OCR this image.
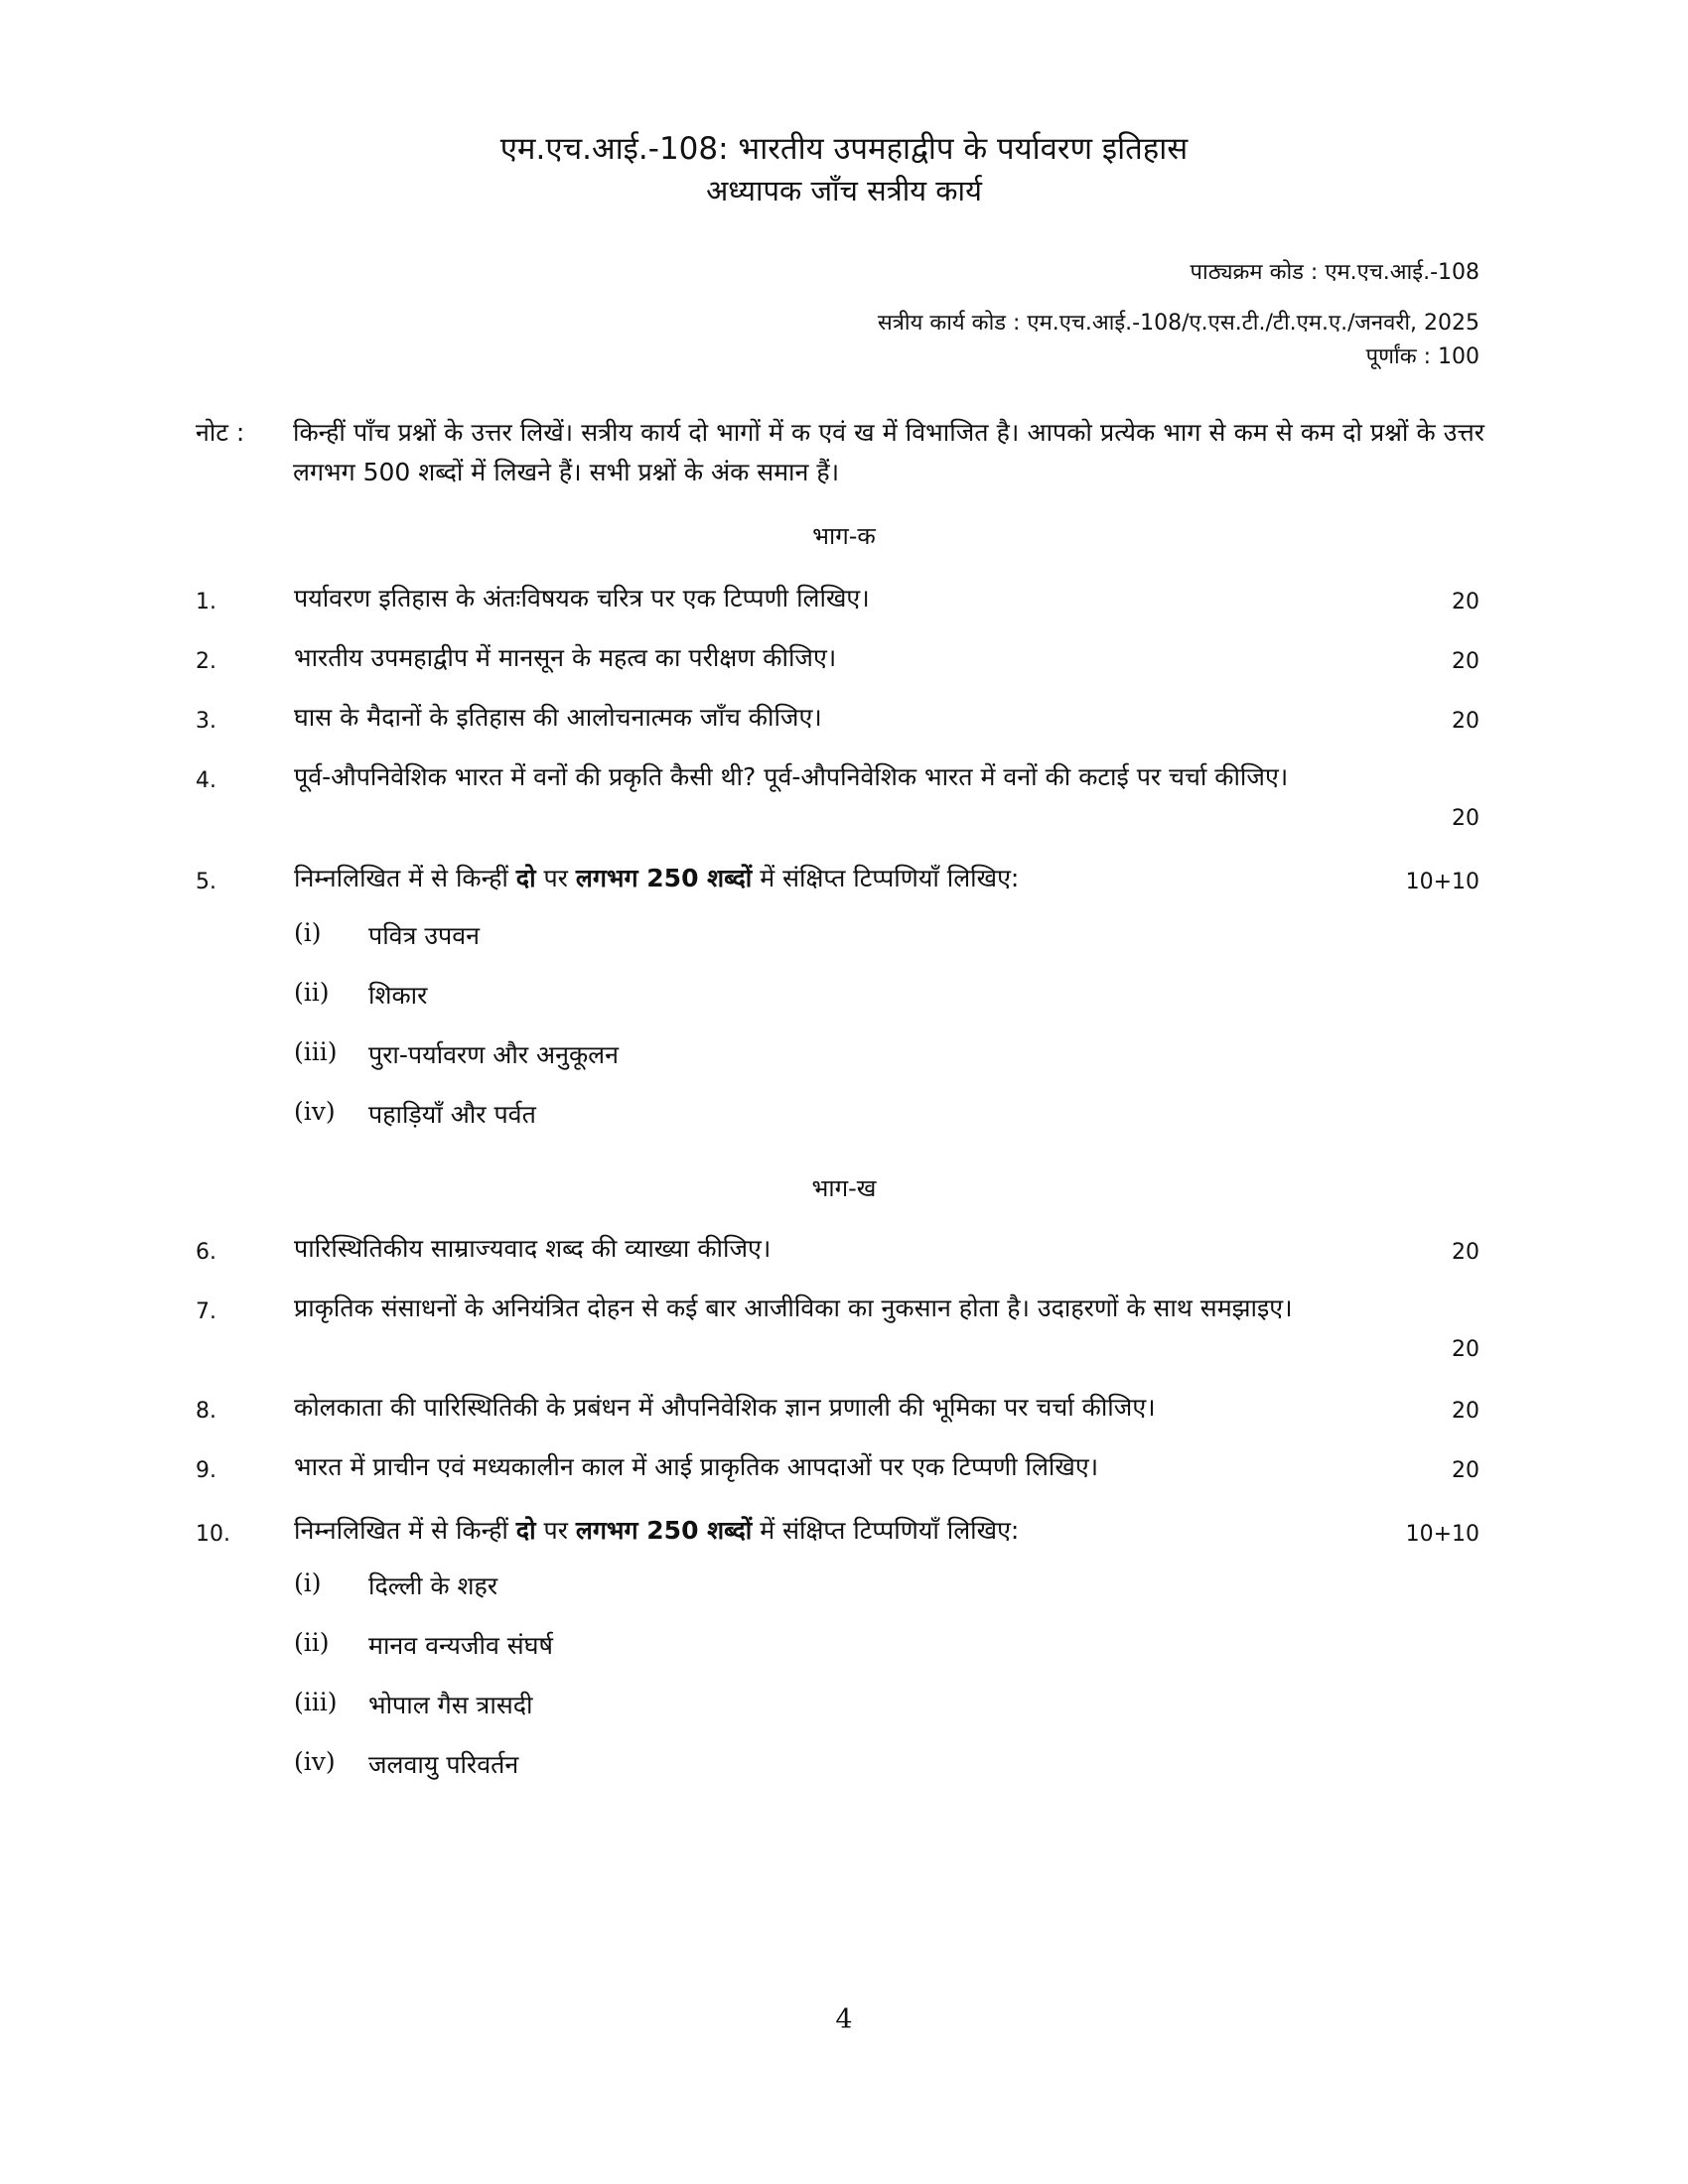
एम.एच.आई.-108: भारतीय उपमहाद्वीप के पर्यावरण इतिहास
अध्यापक जाँच सत्रीय कार्य
पाठ्यक्रम कोड : एम.एच.आई.-108
सत्रीय कार्य कोड : एम.एच.आई.-108/ए.एस.टी./टी.एम.ए./जनवरी, 2025
पूर्णांक : 100
नोट : किन्हीं पाँच प्रश्नों के उत्तर लिखें। सत्रीय कार्य दो भागों में क एवं ख में विभाजित है। आपको प्रत्येक भाग से कम से कम दो प्रश्नों के उत्तर लगभग 500 शब्दों में लिखने हैं। सभी प्रश्नों के अंक समान हैं।
भाग-क
1.	पर्यावरण इतिहास के अंतःविषयक चरित्र पर एक टिप्पणी लिखिए।	20
2.	भारतीय उपमहाद्वीप में मानसून के महत्व का परीक्षण कीजिए।	20
3.	घास के मैदानों के इतिहास की आलोचनात्मक जाँच कीजिए।	20
4.	पूर्व-औपनिवेशिक भारत में वनों की प्रकृति कैसी थी? पूर्व-औपनिवेशिक भारत में वनों की कटाई पर चर्चा कीजिए।
20
5.	निम्नलिखित में से किन्हीं दो पर लगभग 250 शब्दों में संक्षिप्त टिप्पणियाँ लिखिए:	10+10
(i) पवित्र उपवन
(ii) शिकार
(iii) पुरा-पर्यावरण और अनुकूलन
(iv) पहाड़ियाँ और पर्वत
भाग-ख
6.	पारिस्थितिकीय साम्राज्यवाद शब्द की व्याख्या कीजिए।	20
7.	प्राकृतिक संसाधनों के अनियंत्रित दोहन से कई बार आजीविका का नुकसान होता है। उदाहरणों के साथ समझाइए।
20
8.	कोलकाता की पारिस्थितिकी के प्रबंधन में औपनिवेशिक ज्ञान प्रणाली की भूमिका पर चर्चा कीजिए।	20
9.	भारत में प्राचीन एवं मध्यकालीन काल में आई प्राकृतिक आपदाओं पर एक टिप्पणी लिखिए।	20
10.	निम्नलिखित में से किन्हीं दो पर लगभग 250 शब्दों में संक्षिप्त टिप्पणियाँ लिखिए:	10+10
(i) दिल्ली के शहर
(ii) मानव वन्यजीव संघर्ष
(iii) भोपाल गैस त्रासदी
(iv) जलवायु परिवर्तन
4
